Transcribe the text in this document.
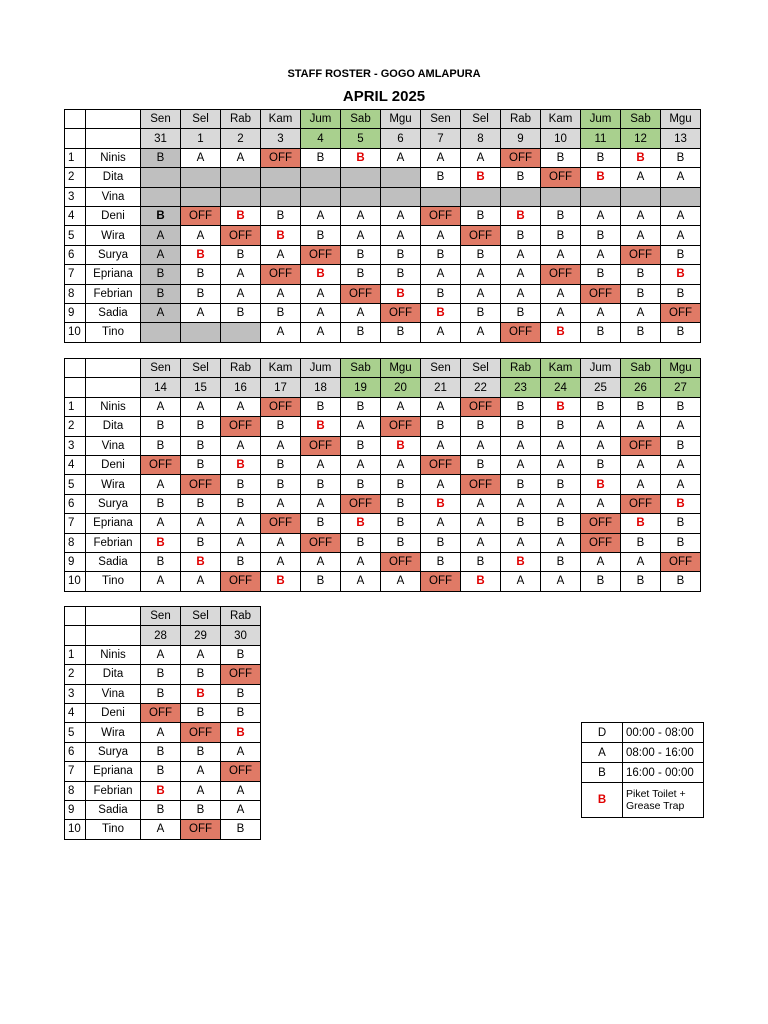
STAFF ROSTER - GOGO AMLAPURA
APRIL 2025
		Sen	Sel	Rab	Kam	Jum	Sab	Mgu	Sen	Sel	Rab	Kam	Jum	Sab	Mgu
		31	1	2	3	4	5	6	7	8	9	10	11	12	13
1	Ninis	B	A	A	OFF	B	B	A	A	A	OFF	B	B	B	B
2	Dita								B	B	B	OFF	B	A	A
3	Vina														
4	Deni	B	OFF	B	B	A	A	A	OFF	B	B	B	A	A	A
5	Wira	A	A	OFF	B	B	A	A	A	OFF	B	B	B	A	A
6	Surya	A	B	B	A	OFF	B	B	B	B	A	A	A	OFF	B
7	Epriana	B	B	A	OFF	B	B	B	A	A	A	OFF	B	B	B
8	Febrian	B	B	A	A	A	OFF	B	B	A	A	A	OFF	B	B
9	Sadia	A	A	B	B	A	A	OFF	B	B	B	A	A	A	OFF
10	Tino				A	A	B	B	A	A	OFF	B	B	B	B
		Sen	Sel	Rab	Kam	Jum	Sab	Mgu	Sen	Sel	Rab	Kam	Jum	Sab	Mgu
		14	15	16	17	18	19	20	21	22	23	24	25	26	27
1	Ninis	A	A	A	OFF	B	B	A	A	OFF	B	B	B	B	B
2	Dita	B	B	OFF	B	B	A	OFF	B	B	B	B	A	A	A
3	Vina	B	B	A	A	OFF	B	B	A	A	A	A	A	OFF	B
4	Deni	OFF	B	B	B	A	A	A	OFF	B	A	A	B	A	A
5	Wira	A	OFF	B	B	B	B	B	A	OFF	B	B	B	A	A
6	Surya	B	B	B	A	A	OFF	B	B	A	A	A	A	OFF	B
7	Epriana	A	A	A	OFF	B	B	B	A	A	B	B	OFF	B	B
8	Febrian	B	B	A	A	OFF	B	B	B	A	A	A	OFF	B	B
9	Sadia	B	B	B	A	A	A	OFF	B	B	B	B	A	A	OFF
10	Tino	A	A	OFF	B	B	A	A	OFF	B	A	A	B	B	B
		Sen	Sel	Rab
		28	29	30
1	Ninis	A	A	B
2	Dita	B	B	OFF
3	Vina	B	B	B
4	Deni	OFF	B	B
5	Wira	A	OFF	B
6	Surya	B	B	A
7	Epriana	B	A	OFF
8	Febrian	B	A	A
9	Sadia	B	B	A
10	Tino	A	OFF	B
D	00:00 - 08:00
A	08:00 - 16:00
B	16:00 - 00:00
B	Piket Toilet + Grease Trap
